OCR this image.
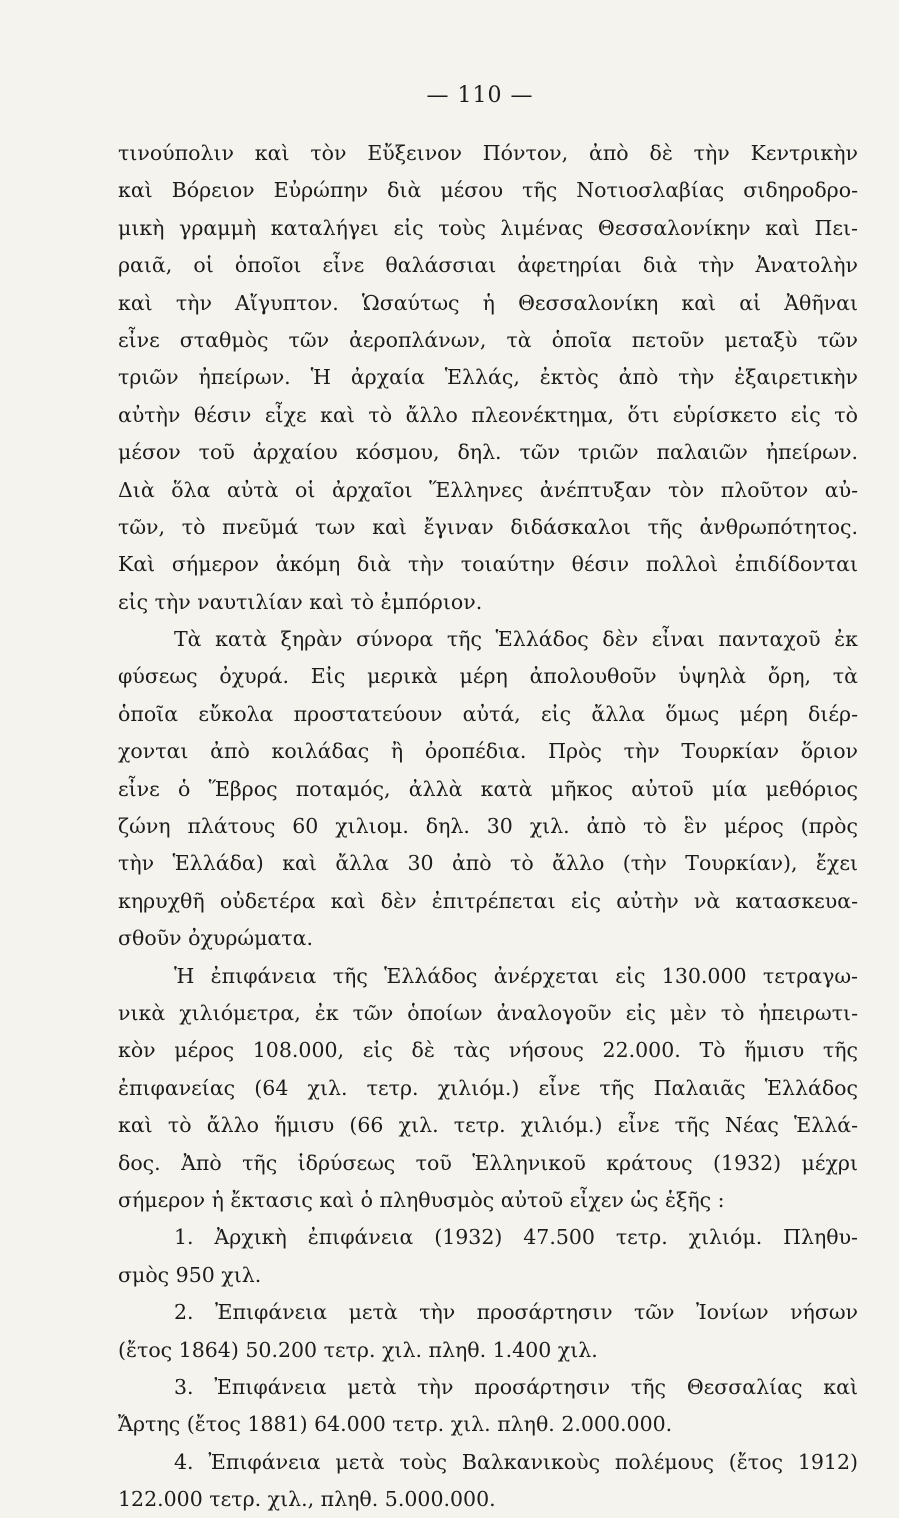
— 110 —
τινούπολιν καὶ τὸν Εὔξεινον Πόντον, ἀπὸ δὲ τὴν Κεντρικὴν
καὶ Βόρειον Εὐρώπην διὰ μέσου τῆς Νοτιοσλαβίας σιδηροδρο-
μικὴ γραμμὴ καταλήγει εἰς τοὺς λιμένας Θεσσαλονίκην καὶ Πει-
ραιᾶ, οἱ ὁποῖοι εἶνε θαλάσσιαι ἀφετηρίαι διὰ τὴν Ἀνατολὴν
καὶ τὴν Αἴγυπτον. Ὡσαύτως ἡ Θεσσαλονίκη καὶ αἱ Ἀθῆναι
εἶνε σταθμὸς τῶν ἀεροπλάνων, τὰ ὁποῖα πετοῦν μεταξὺ τῶν
τριῶν ἠπείρων. Ἡ ἀρχαία Ἑλλάς, ἐκτὸς ἀπὸ τὴν ἐξαιρετικὴν
αὐτὴν θέσιν εἶχε καὶ τὸ ἄλλο πλεονέκτημα, ὅτι εὑρίσκετο εἰς τὸ
μέσον τοῦ ἀρχαίου κόσμου, δηλ. τῶν τριῶν παλαιῶν ἠπείρων.
Διὰ ὅλα αὐτὰ οἱ ἀρχαῖοι Ἕλληνες ἀνέπτυξαν τὸν πλοῦτον αὐ-
τῶν, τὸ πνεῦμά των καὶ ἔγιναν διδάσκαλοι τῆς ἀνθρωπότητος.
Καὶ σήμερον ἀκόμη διὰ τὴν τοιαύτην θέσιν πολλοὶ ἐπιδίδονται
εἰς τὴν ναυτιλίαν καὶ τὸ ἐμπόριον.
Τὰ κατὰ ξηρὰν σύνορα τῆς Ἑλλάδος δὲν εἶναι πανταχοῦ ἐκ
φύσεως ὀχυρά. Εἰς μερικὰ μέρη ἀπολουθοῦν ὑψηλὰ ὄρη, τὰ
ὁποῖα εὔκολα προστατεύουν αὐτά, εἰς ἄλλα ὅμως μέρη διέρ-
χονται ἀπὸ κοιλάδας ἢ ὀροπέδια. Πρὸς τὴν Τουρκίαν ὅριον
εἶνε ὁ Ἕβρος ποταμός, ἀλλὰ κατὰ μῆκος αὐτοῦ μία μεθόριος
ζώνη πλάτους 60 χιλιομ. δηλ. 30 χιλ. ἀπὸ τὸ ἓν μέρος (πρὸς
τὴν Ἑλλάδα) καὶ ἄλλα 30 ἀπὸ τὸ ἄλλο (τὴν Τουρκίαν), ἔχει
κηρυχθῆ οὐδετέρα καὶ δὲν ἐπιτρέπεται εἰς αὐτὴν νὰ κατασκευα-
σθοῦν ὀχυρώματα.
Ἡ ἐπιφάνεια τῆς Ἑλλάδος ἀνέρχεται εἰς 130.000 τετραγω-
νικὰ χιλιόμετρα, ἐκ τῶν ὁποίων ἀναλογοῦν εἰς μὲν τὸ ἠπειρωτι-
κὸν μέρος 108.000, εἰς δὲ τὰς νήσους 22.000. Τὸ ἥμισυ τῆς
ἐπιφανείας (64 χιλ. τετρ. χιλιόμ.) εἶνε τῆς Παλαιᾶς Ἑλλάδος
καὶ τὸ ἄλλο ἥμισυ (66 χιλ. τετρ. χιλιόμ.) εἶνε τῆς Νέας Ἑλλά-
δος. Ἀπὸ τῆς ἱδρύσεως τοῦ Ἑλληνικοῦ κράτους (1932) μέχρι
σήμερον ἡ ἔκτασις καὶ ὁ πληθυσμὸς αὐτοῦ εἶχεν ὡς ἑξῆς :
1. Ἀρχικὴ ἐπιφάνεια (1932) 47.500 τετρ. χιλιόμ. Πληθυ-
σμὸς 950 χιλ.
2. Ἐπιφάνεια μετὰ τὴν προσάρτησιν τῶν Ἰονίων νήσων
(ἔτος 1864) 50.200 τετρ. χιλ. πληθ. 1.400 χιλ.
3. Ἐπιφάνεια μετὰ τὴν προσάρτησιν τῆς Θεσσαλίας καὶ
Ἄρτης (ἔτος 1881) 64.000 τετρ. χιλ. πληθ. 2.000.000.
4. Ἐπιφάνεια μετὰ τοὺς Βαλκανικοὺς πολέμους (ἔτος 1912)
122.000 τετρ. χιλ., πληθ. 5.000.000.
